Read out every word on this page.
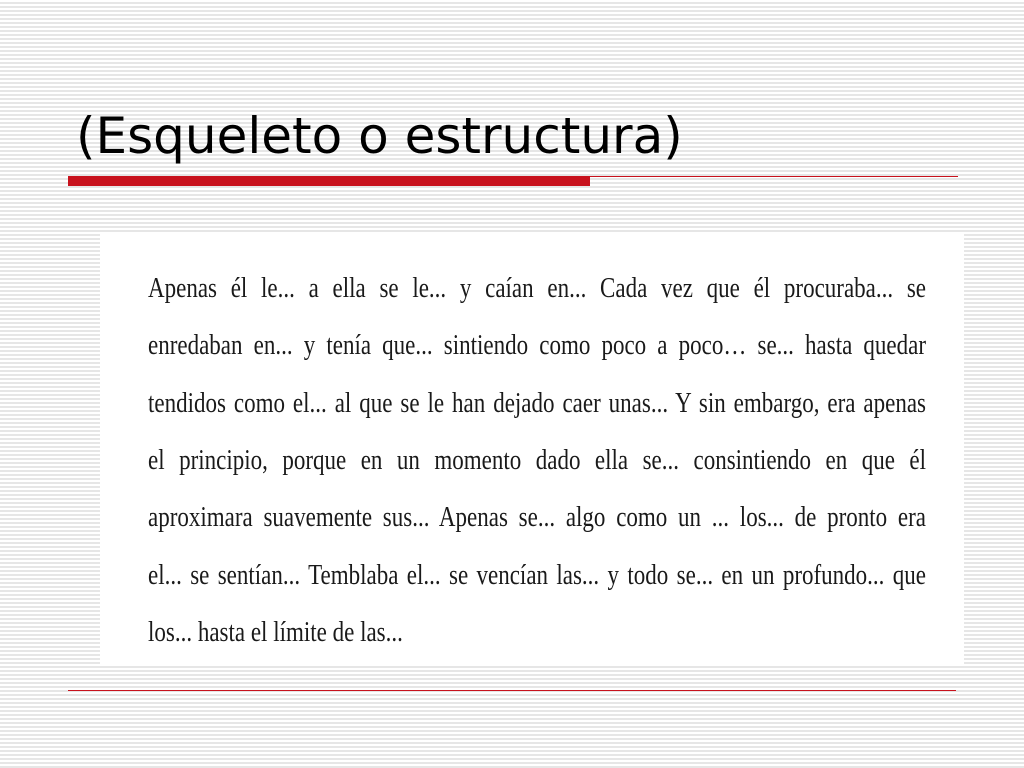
(Esqueleto o estructura)

Apenas él le... a ella se le... y caían en... Cada vez que él procuraba... se

enredaban en... y tenía que... sintiendo como poco a poco… se... hasta quedar

tendidos como el... al que se le han dejado caer unas... Y sin embargo, era apenas

el principio, porque en un momento dado ella se... consintiendo en que él

aproximara suavemente sus... Apenas se... algo como un ... los... de pronto era

el... se sentían... Temblaba el... se vencían las... y todo se... en un profundo... que

los... hasta el límite de las...
